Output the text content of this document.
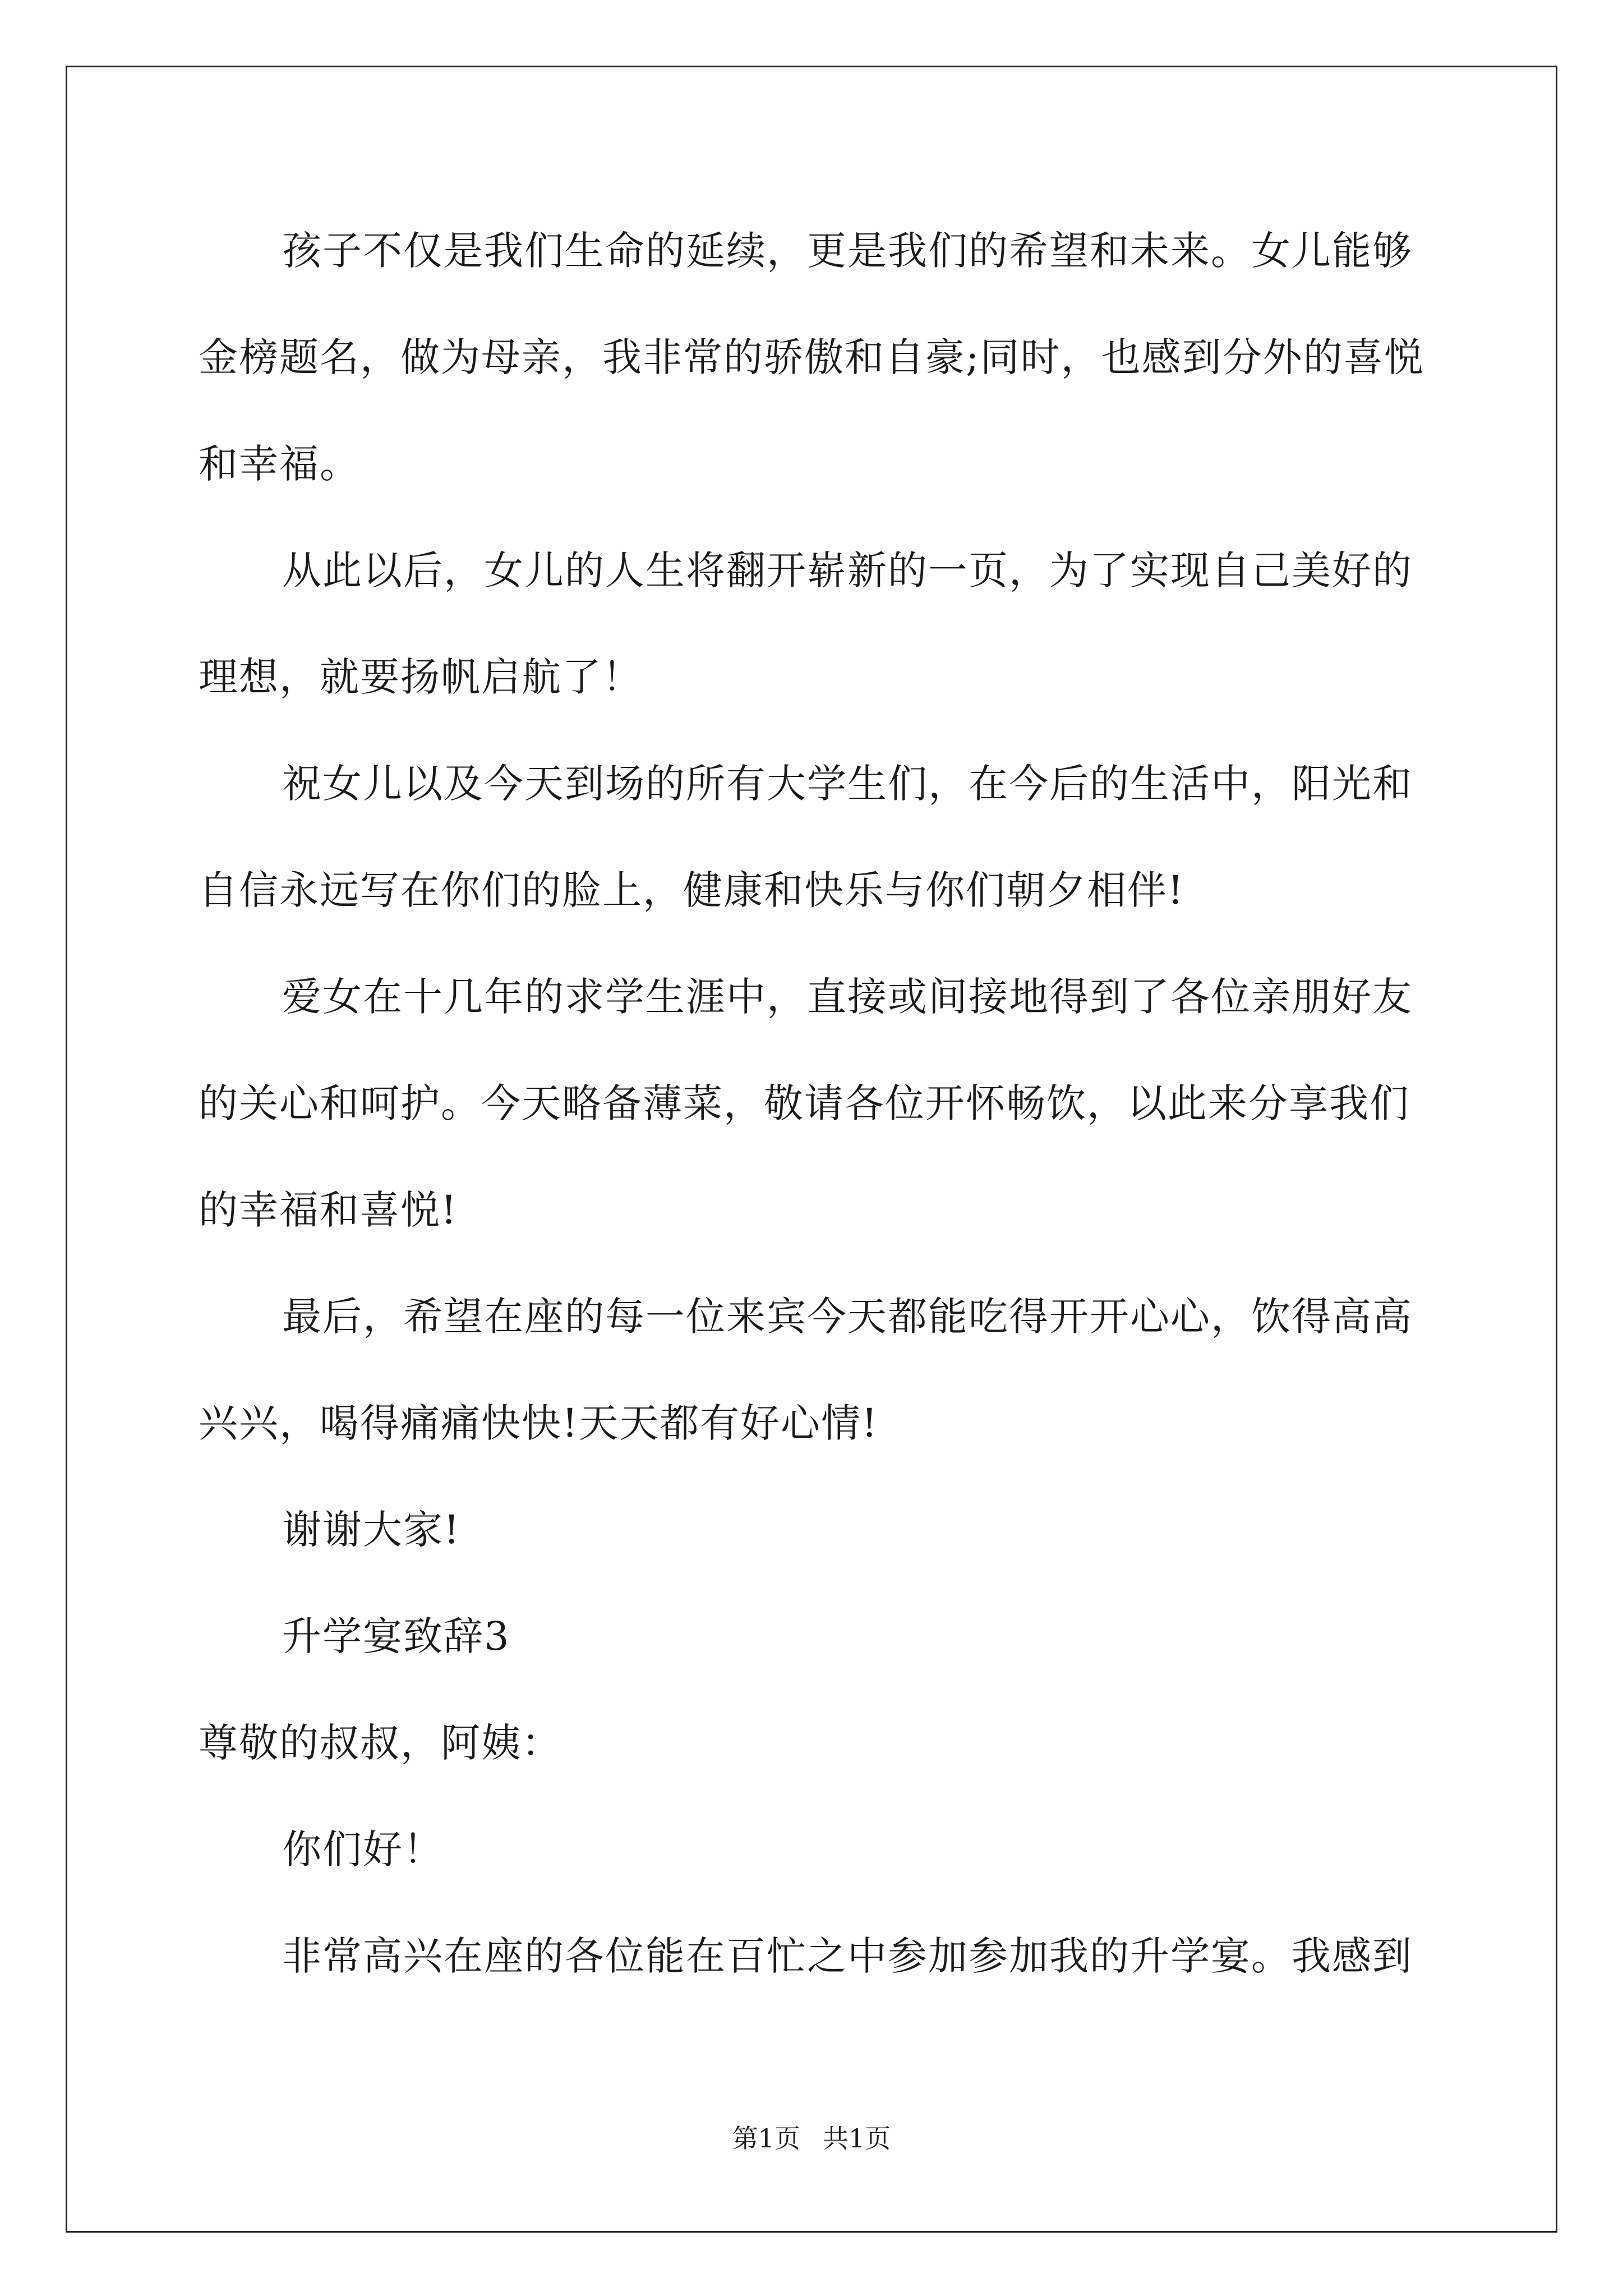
孩子不仅是我们生命的延续，更是我们的希望和未来。女儿能够
金榜题名，做为母亲，我非常的骄傲和自豪;同时，也感到分外的喜悦
和幸福。
从此以后，女儿的人生将翻开崭新的一页，为了实现自己美好的
理想，就要扬帆启航了！
祝女儿以及今天到场的所有大学生们，在今后的生活中，阳光和
自信永远写在你们的脸上，健康和快乐与你们朝夕相伴!
爱女在十几年的求学生涯中，直接或间接地得到了各位亲朋好友
的关心和呵护。今天略备薄菜，敬请各位开怀畅饮，以此来分享我们
的幸福和喜悦!
最后，希望在座的每一位来宾今天都能吃得开开心心，饮得高高
兴兴，喝得痛痛快快!天天都有好心情!
谢谢大家!
升学宴致辞3
尊敬的叔叔，阿姨：
你们好！
非常高兴在座的各位能在百忙之中参加参加我的升学宴。我感到
第1页 共1页
